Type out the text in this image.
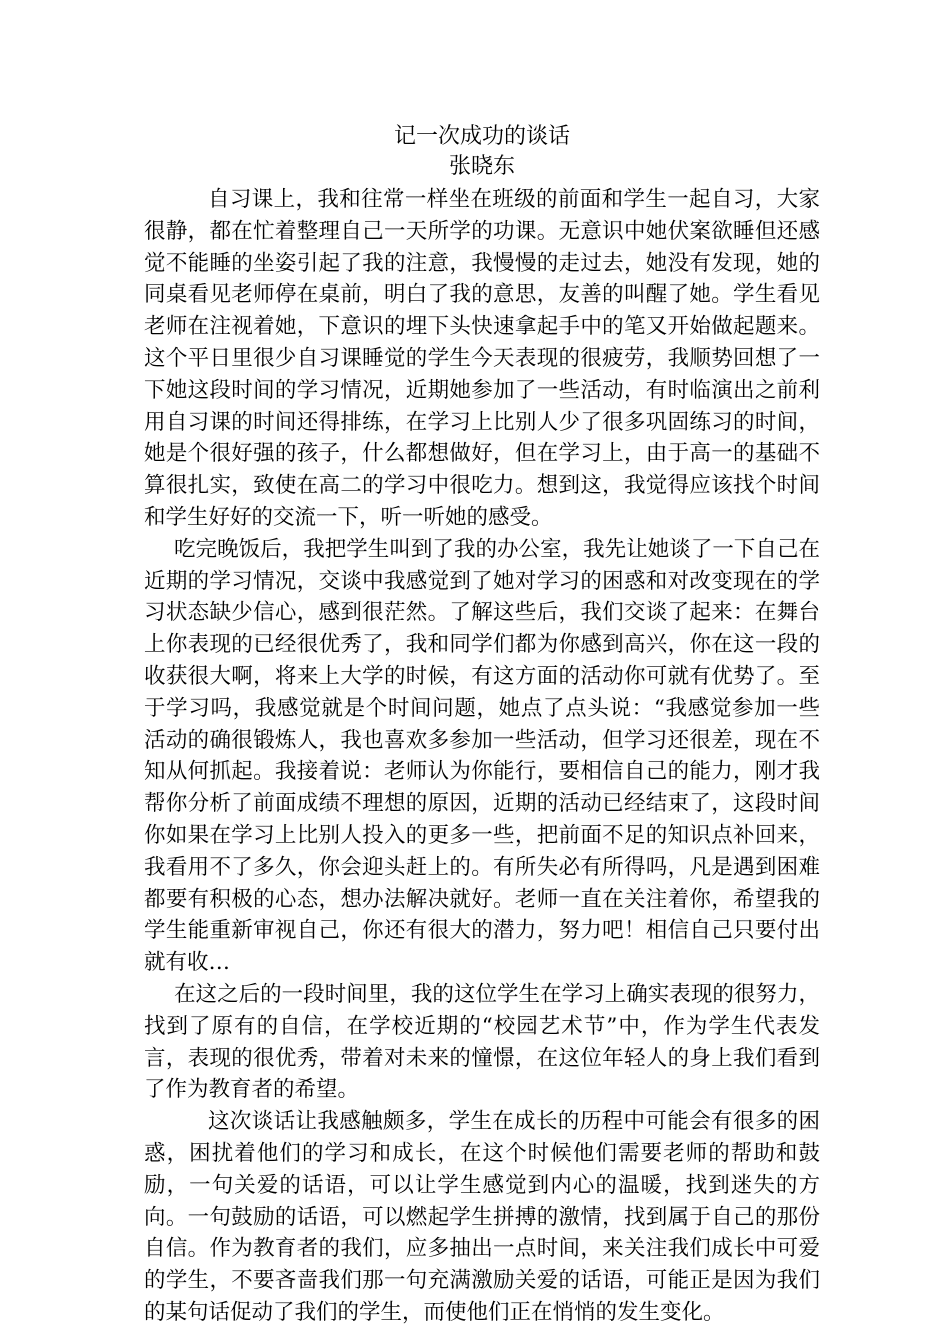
记一次成功的谈话
张晓东

自习课上，我和往常一样坐在班级的前面和学生一起自习，大家很静，都在忙着整理自己一天所学的功课。无意识中她伏案欲睡但还感觉不能睡的坐姿引起了我的注意，我慢慢的走过去，她没有发现，她的同桌看见老师停在桌前，明白了我的意思，友善的叫醒了她。学生看见老师在注视着她，下意识的埋下头快速拿起手中的笔又开始做起题来。这个平日里很少自习课睡觉的学生今天表现的很疲劳，我顺势回想了一下她这段时间的学习情况，近期她参加了一些活动，有时临演出之前利用自习课的时间还得排练，在学习上比别人少了很多巩固练习的时间，她是个很好强的孩子，什么都想做好，但在学习上，由于高一的基础不算很扎实，致使在高二的学习中很吃力。想到这，我觉得应该找个时间和学生好好的交流一下，听一听她的感受。

吃完晚饭后，我把学生叫到了我的办公室，我先让她谈了一下自己在近期的学习情况，交谈中我感觉到了她对学习的困惑和对改变现在的学习状态缺少信心，感到很茫然。了解这些后，我们交谈了起来：在舞台上你表现的已经很优秀了，我和同学们都为你感到高兴，你在这一段的收获很大啊，将来上大学的时候，有这方面的活动你可就有优势了。至于学习吗，我感觉就是个时间问题，她点了点头说：“我感觉参加一些活动的确很锻炼人，我也喜欢多参加一些活动，但学习还很差，现在不知从何抓起。我接着说：老师认为你能行，要相信自己的能力，刚才我帮你分析了前面成绩不理想的原因，近期的活动已经结束了，这段时间你如果在学习上比别人投入的更多一些，把前面不足的知识点补回来，我看用不了多久，你会迎头赶上的。有所失必有所得吗，凡是遇到困难都要有积极的心态，想办法解决就好。老师一直在关注着你，希望我的学生能重新审视自己，你还有很大的潜力，努力吧！相信自己只要付出就有收…

在这之后的一段时间里，我的这位学生在学习上确实表现的很努力，找到了原有的自信，在学校近期的“校园艺术节”中，作为学生代表发言，表现的很优秀，带着对未来的憧憬，在这位年轻人的身上我们看到了作为教育者的希望。

这次谈话让我感触颇多，学生在成长的历程中可能会有很多的困惑，困扰着他们的学习和成长，在这个时候他们需要老师的帮助和鼓励，一句关爱的话语，可以让学生感觉到内心的温暖，找到迷失的方向。一句鼓励的话语，可以燃起学生拼搏的激情，找到属于自己的那份自信。作为教育者的我们，应多抽出一点时间，来关注我们成长中可爱的学生，不要吝啬我们那一句充满激励关爱的话语，可能正是因为我们的某句话促动了我们的学生，而使他们正在悄悄的发生变化。
